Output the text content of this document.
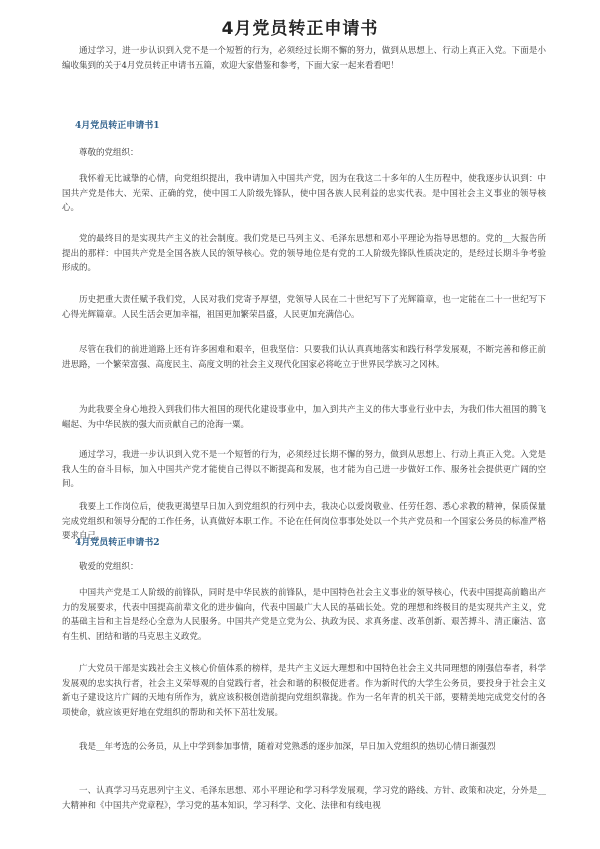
4月党员转正申请书

通过学习，进一步认识到入党不是一个短暂的行为，必须经过长期不懈的努力，做到从思想上、行动上真正入党。下面是小编收集到的关于4月党员转正申请书五篇，欢迎大家借鉴和参考，下面大家一起来看看吧！

4月党员转正申请书1

尊敬的党组织：

我怀着无比诚挚的心情，向党组织提出，我申请加入中国共产党，因为在我这二十多年的人生历程中，使我逐步认识到：中国共产党是伟大、光荣、正确的党，使中国工人阶级先锋队，使中国各族人民利益的忠实代表。是中国社会主义事业的领导核心。

党的最终目的是实现共产主义的社会制度。我们党是已马列主义、毛泽东思想和邓小平理论为指导思想的。党的__大报告所提出的那样：中国共产党是全国各族人民的领导核心。党的领导地位是有党的工人阶级先锋队性质决定的，是经过长期斗争考验形成的。

历史把重大责任赋予我们党，人民对我们党寄予厚望，党领导人民在二十世纪写下了光辉篇章，也一定能在二十一世纪写下心得光辉篇章。人民生活会更加幸福，祖国更加繁荣昌盛，人民更加充满信心。

尽管在我们的前进道路上还有许多困难和艰辛，但我坚信：只要我们认认真真地落实和践行科学发展观，不断完善和修正前进思路，一个繁荣富强、高度民主、高度文明的社会主义现代化国家必将屹立于世界民学族习之冈林。

为此我要全身心地投入到我们伟大祖国的现代化建设事业中，加入到共产主义的伟大事业行业中去，为我们伟大祖国的腾飞崛起、为中华民族的强大而贡献自己的沧海一粟。

通过学习，我进一步认识到入党不是一个短暂的行为，必须经过长期不懈的努力，做到从思想上、行动上真正入党。入党是我人生的奋斗目标，加入中国共产党才能使自己得以不断提高和发展，也才能为自己进一步做好工作、服务社会提供更广阔的空间。

我要上工作岗位后，使我更渴望早日加入到党组织的行列中去，我决心以爱岗敬业、任劳任怨、悉心求教的精神，保质保量完成党组织和领导分配的工作任务，认真做好本职工作。不论在任何岗位事事处处以一个共产党员和一个国家公务员的标准严格要求自己。

4月党员转正申请书2

敬爱的党组织：

中国共产党是工人阶级的前锋队，同时是中华民族的前锋队，是中国特色社会主义事业的领导核心，代表中国提高前瞻出产力的发展要求，代表中国提高前辈文化的进步偏向，代表中国最广大人民的基础长处。党的理想和终极目的是实现共产主义，党的基础主旨和主旨是经心全意为人民服务。中国共产党是立党为公、执政为民、求真务虚、改革创新、艰苦搏斗、清正廉洁、富有生机、团结和谐的马克思主义政党。

广大党员干部是实践社会主义核心价值体系的榜样，是共产主义远大理想和中国特色社会主义共同理想的刚强信奉者，科学发展观的忠实执行者，社会主义荣辱观的自觉践行者，社会和谐的积极促进者。作为新时代的大学生公务员，要投身于社会主义新屯子建设这片广阔的天地有所作为，就应该积极创造前提向党组织靠拢。作为一名年青的机关干部，要精美地完成党交付的各项使命，就应该更好地在党组织的帮助和关怀下茁壮发展。

我是__年考选的公务员，从上中学到参加事情，随着对党熟悉的逐步加深，早日加入党组织的热切心情日渐强烈

一、认真学习马克思列宁主义、毛泽东思想、邓小平理论和学习科学发展观，学习党的路线、方针、政策和决定，分外是__大精神和《中国共产党章程》，学习党的基本知识，学习科学、文化、法律和有线电视
